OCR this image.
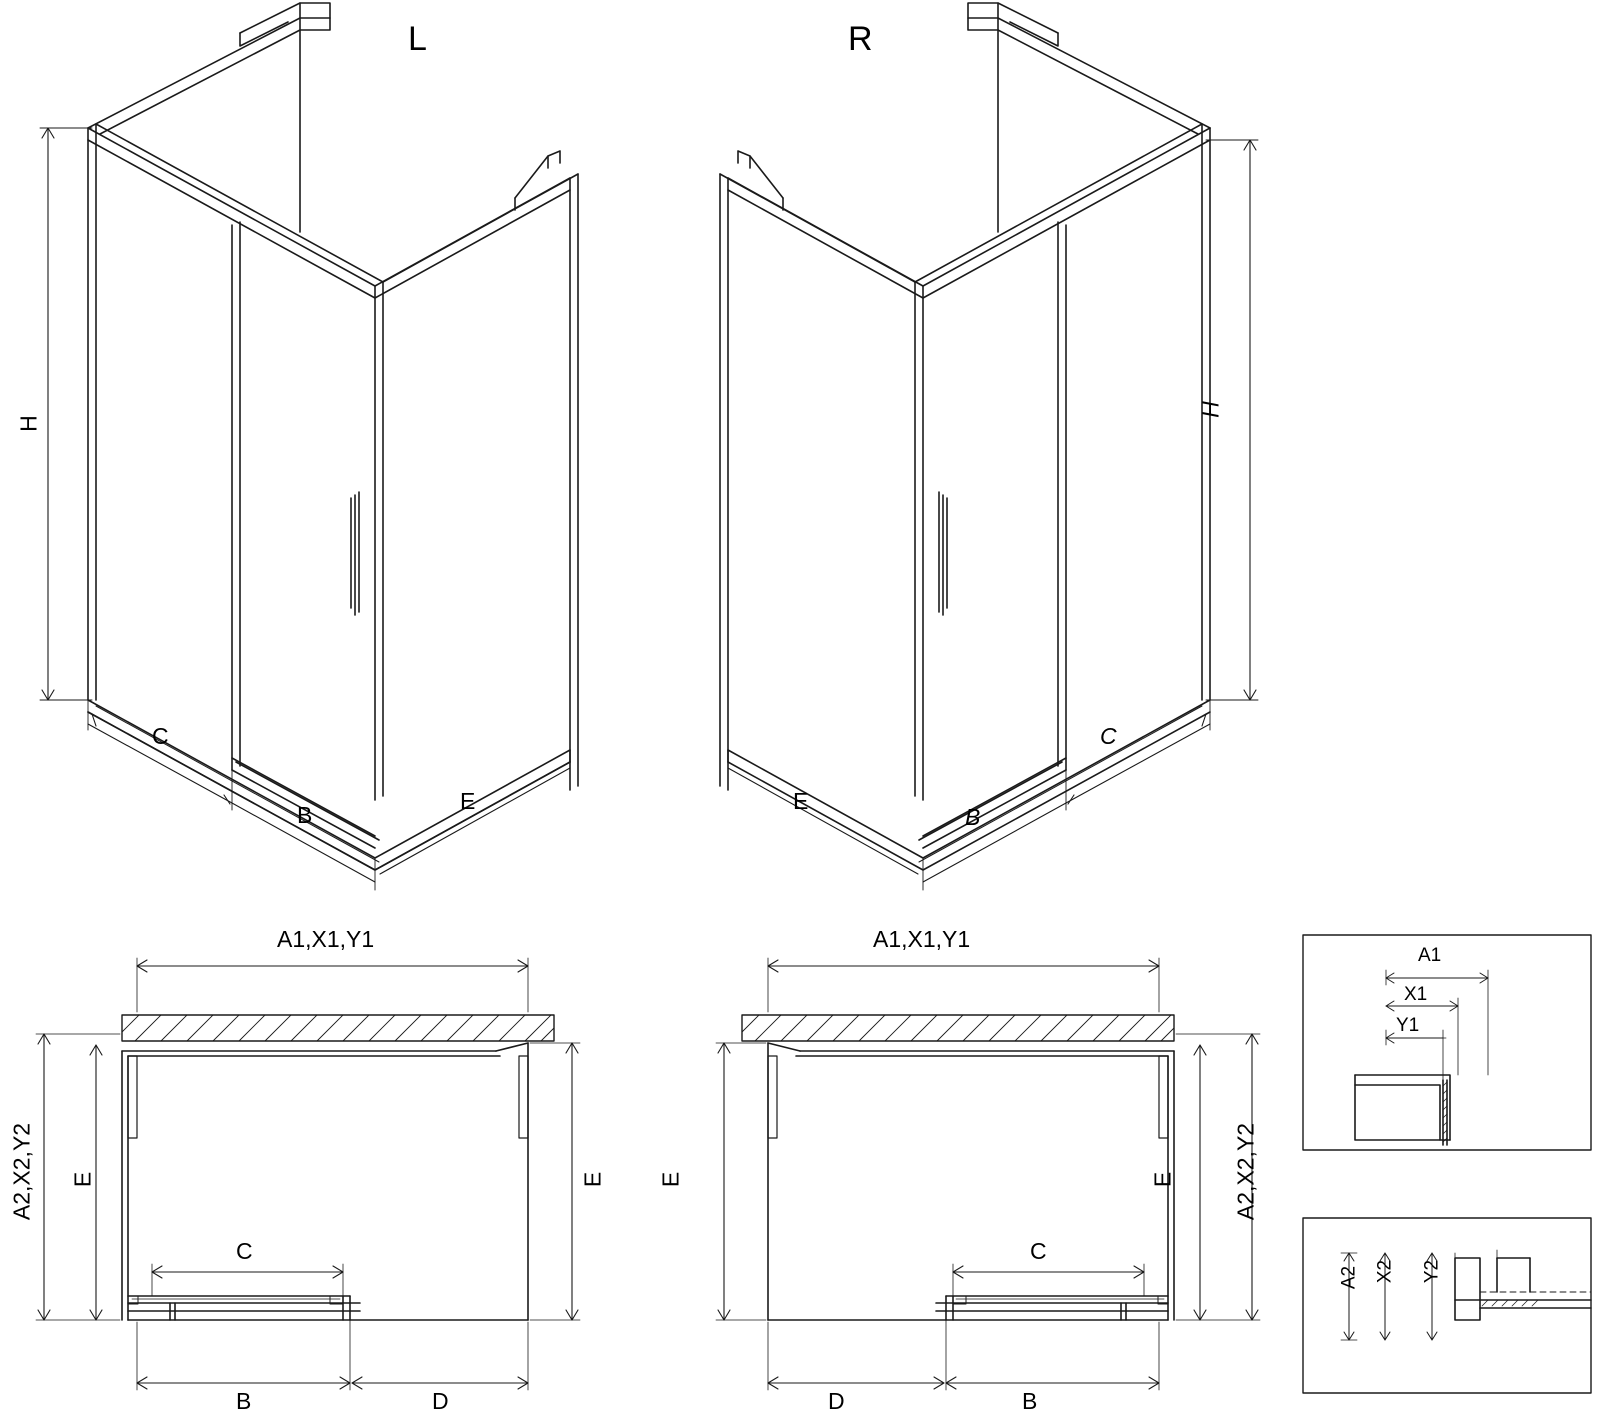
L	R
H
H
C
B
E
C
B
E
A1,X1,Y1
A2,X2,Y2 E	E
C
B	D
A1,X1,Y1
A2,X2,Y2
E
E
C
B
D
A1
X1
Y1
A2 X2 Y2
